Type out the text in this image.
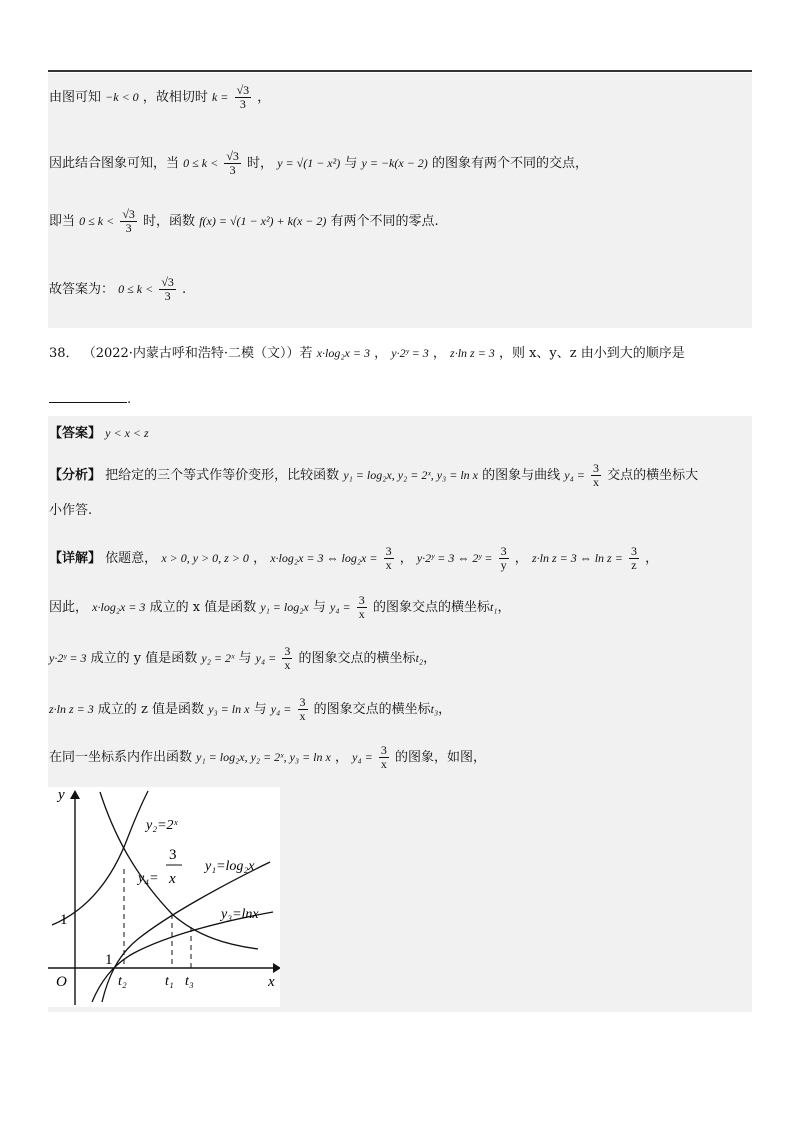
由图可知 −k < 0 ，故相切时 $k = \frac{√3}{3}$ ，
因此结合图象可知，当 $0 \le k < \frac{√3}{3}$ 时， y = √(1 − x²) 与 y = −k(x − 2) 的图象有两个不同的交点，
即当 $0 \le k < \frac{√3}{3}$ 时，函数 f(x) = √(1 − x²) + k(x − 2) 有两个不同的零点.
故答案为： $0 \le k < \frac{√3}{3}$ .
38． （2022·内蒙古呼和浩特·二模（文））若 x·log₂x = 3 ， y·2ʸ = 3 ， z·ln z = 3 ，则 x、y、z 由小到大的顺序是
.
【答案】 y < x < z
【分析】 把给定的三个等式作等价变形，比较函数 y₁ = log₂x, y₂ = 2ˣ, y₃ = ln x 的图象与曲线 $y_4 = \frac{3}{x}$ 交点的横坐标大
小作答.
【详解】 依题意， x > 0, y > 0, z > 0 ， x·log₂x = 3 ⇔ $\log_2x = \frac{3}{x}$ ， y·2ʸ = 3 ⇔ 2ʸ = $\frac{3}{y}$ ， z·ln z = 3 ⇔ $\ln z = \frac{3}{z}$ ，
因此， x·log₂x = 3 成立的 x 值是函数 y₁ = log₂x 与 $y_4 = \frac{3}{x}$ 的图象交点的横坐标t₁，
y·2ʸ = 3 成立的 y 值是函数 y₂ = 2ˣ 与 $y_4 = \frac{3}{x}$ 的图象交点的横坐标t₂，
z·ln z = 3 成立的 z 值是函数 y₃ = ln x 与 $y_4 = \frac{3}{x}$ 的图象交点的横坐标t₃，
在同一坐标系内作出函数 y₁ = log₂x, y₂ = 2ˣ, y₃ = ln x ， $y_4 = \frac{3}{x}$ 的图象，如图，
y
x
O
1
1
y₂=2ˣ
y₄=
3
x
y₁=log₂x
y₃=lnx
t₂	t₁ t₃
